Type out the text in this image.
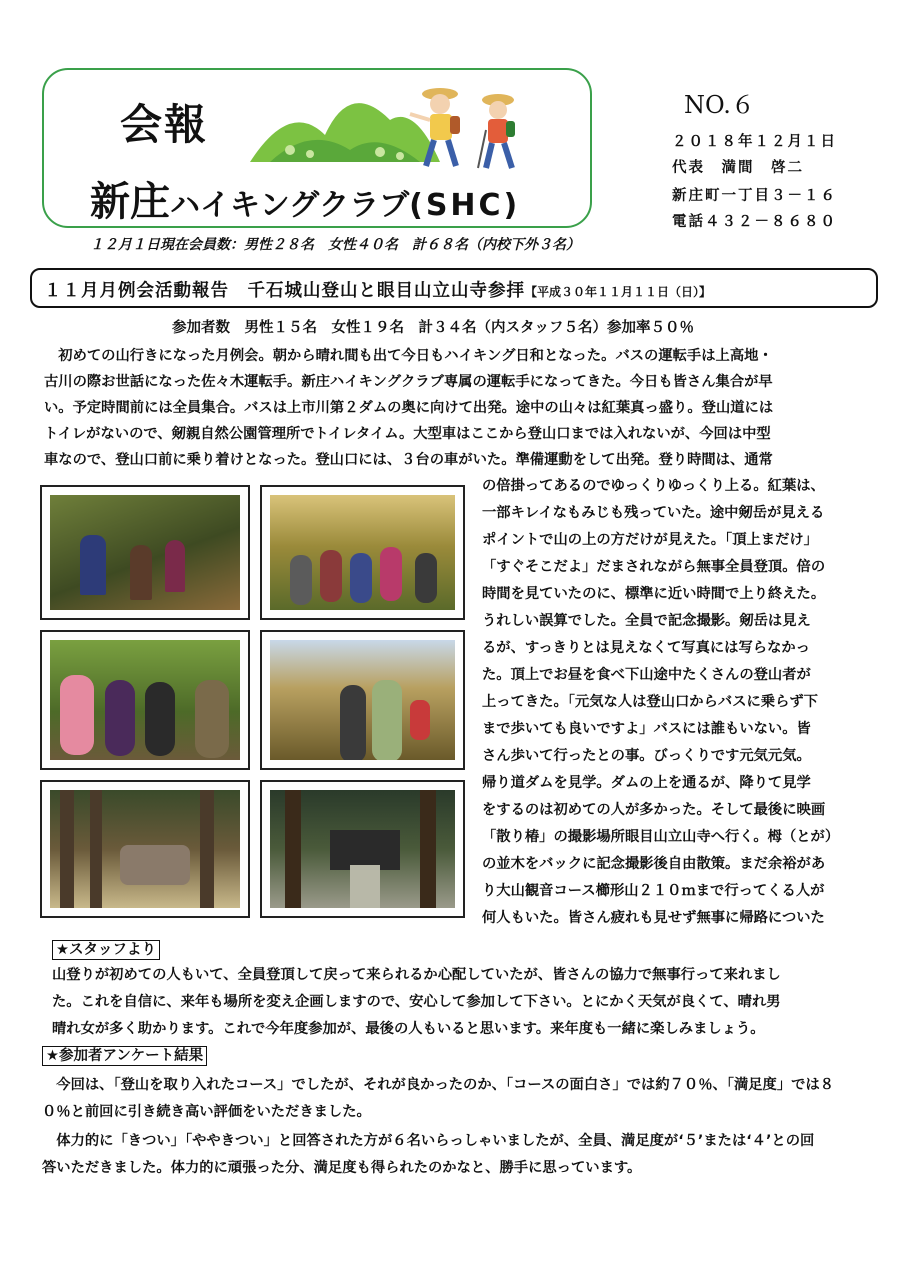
会報
新庄ハイキングクラブ(SHC)
NO.６
２０１８年１２月１日
代表　満間　啓二
新庄町一丁目３－１６
電話４３２－８６８０
１２月１日現在会員数：男性２８名　女性４０名　計６８名（内校下外３名）
１１月月例会活動報告　千石城山登山と眼目山立山寺参拝【平成３０年１１月１１日（日）】
参加者数　男性１５名　女性１９名　計３４名（内スタッフ５名）参加率５０％
　初めての山行きになった月例会。朝から晴れ間も出て今日もハイキング日和となった。バスの運転手は上高地・
古川の際お世話になった佐々木運転手。新庄ハイキングクラブ専属の運転手になってきた。今日も皆さん集合が早
い。予定時間前には全員集合。バスは上市川第２ダムの奥に向けて出発。途中の山々は紅葉真っ盛り。登山道には
トイレがないので、剱親自然公園管理所でトイレタイム。大型車はここから登山口までは入れないが、今回は中型
車なので、登山口前に乗り着けとなった。登山口には、３台の車がいた。準備運動をして出発。登り時間は、通常
の倍掛ってあるのでゆっくりゆっくり上る。紅葉は、
一部キレイなもみじも残っていた。途中剱岳が見える
ポイントで山の上の方だけが見えた。「頂上まだけ」
「すぐそこだよ」だまされながら無事全員登頂。倍の
時間を見ていたのに、標準に近い時間で上り終えた。
うれしい誤算でした。全員で記念撮影。剱岳は見え
るが、すっきりとは見えなくて写真には写らなかっ
た。頂上でお昼を食べ下山途中たくさんの登山者が
上ってきた。「元気な人は登山口からバスに乗らず下
まで歩いても良いですよ」バスには誰もいない。皆
さん歩いて行ったとの事。びっくりです元気元気。
帰り道ダムを見学。ダムの上を通るが、降りて見学
をするのは初めての人が多かった。そして最後に映画
「散り椿」の撮影場所眼目山立山寺へ行く。栂（とが）
の並木をバックに記念撮影後自由散策。まだ余裕があ
り大山観音コース櫛形山２１０ｍまで行ってくる人が
何人もいた。皆さん疲れも見せず無事に帰路についた
★スタッフより
山登りが初めての人もいて、全員登頂して戻って来られるか心配していたが、皆さんの協力で無事行って来れまし
た。これを自信に、来年も場所を変え企画しますので、安心して参加して下さい。とにかく天気が良くて、晴れ男
晴れ女が多く助かります。これで今年度参加が、最後の人もいると思います。来年度も一緒に楽しみましょう。
★参加者アンケート結果
　今回は、「登山を取り入れたコース」でしたが、それが良かったのか、「コースの面白さ」では約７０％、「満足度」では８
０％と前回に引き続き高い評価をいただきました。
　体力的に「きつい」「ややきつい」と回答された方が６名いらっしゃいましたが、全員、満足度が‘５’または‘４’との回
答いただきました。体力的に頑張った分、満足度も得られたのかなと、勝手に思っています。
